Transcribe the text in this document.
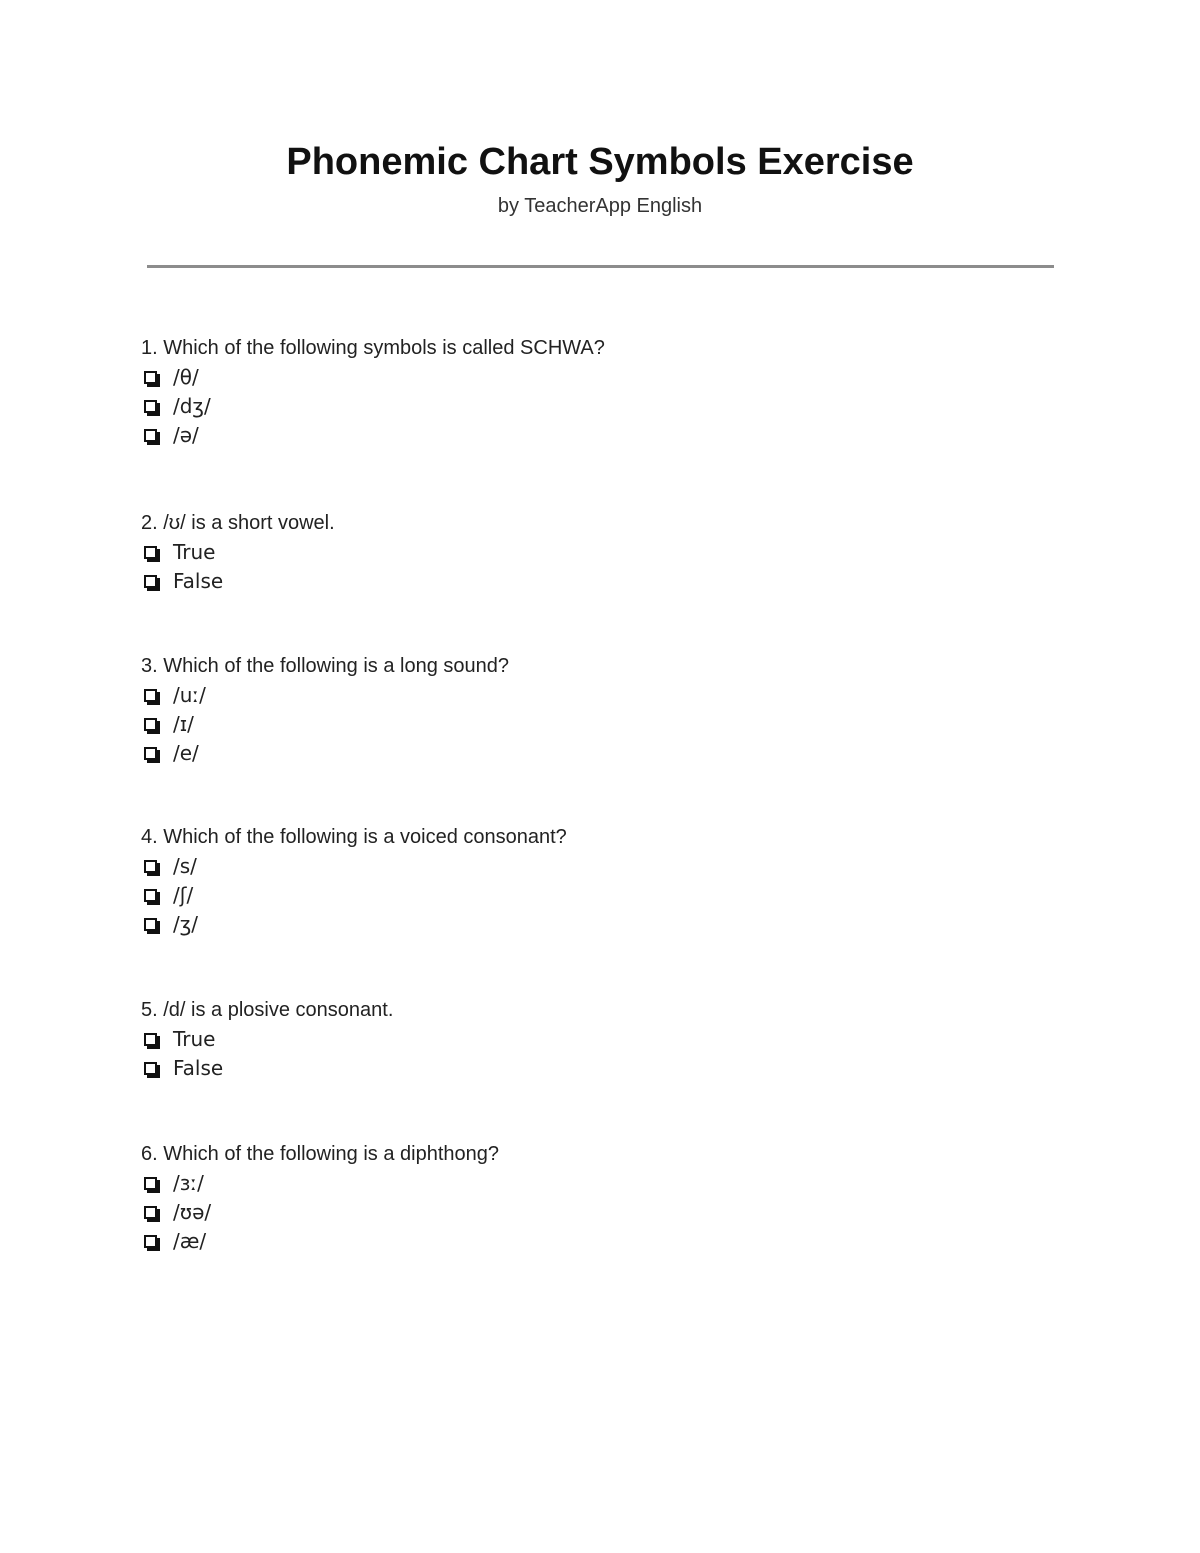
Phonemic Chart Symbols Exercise
by TeacherApp English
1. Which of the following symbols is called SCHWA?
/θ/
/dʒ/
/ə/
2. /ʊ/ is a short vowel.
True
False
3. Which of the following is a long sound?
/uː/
/ɪ/
/e/
4. Which of the following is a voiced consonant?
/s/
/ʃ/
/ʒ/
5. /d/ is a plosive consonant.
True
False
6. Which of the following is a diphthong?
/ɜː/
/ʊə/
/æ/
